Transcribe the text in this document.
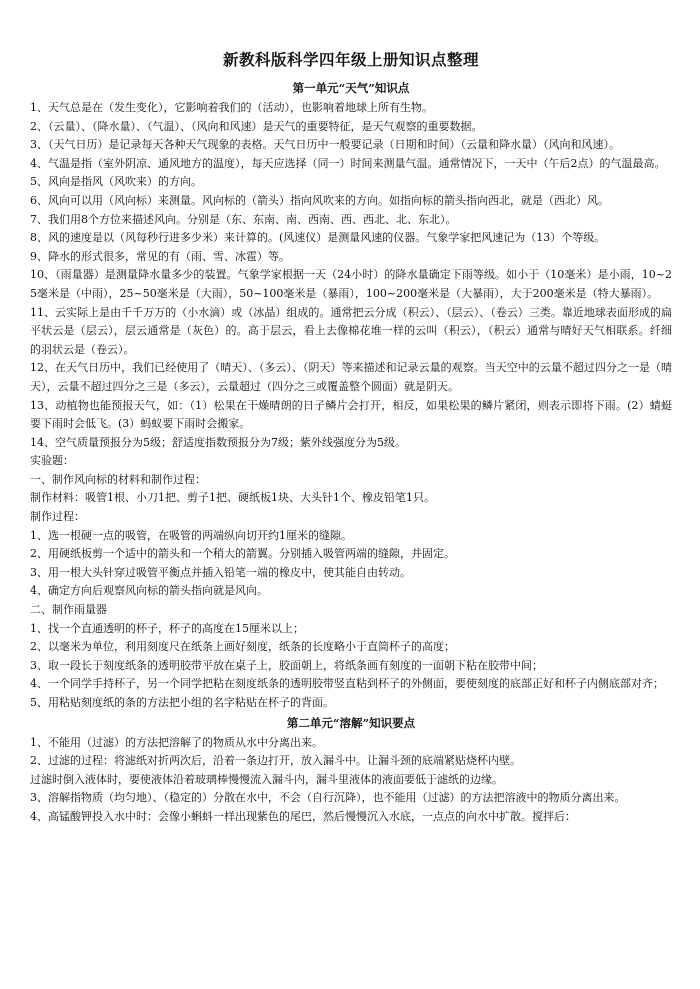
新教科版科学四年级上册知识点整理
第一单元“天气”知识点

1、天气总是在（发生变化），它影响着我们的（活动），也影响着地球上所有生物。

2、（云量）、（降水量）、（气温）、（风向和风速）是天气的重要特征，是天气观察的重要数据。

3、（天气日历）是记录每天各种天气现象的表格。天气日历中一般要记录（日期和时间）（云量和降水量）（风向和风速）。

4、气温是指（室外阴凉、通风地方的温度），每天应选择（同一）时间来测量气温。通常情况下，一天中（午后2点）的气温最高。

5、风向是指风（风吹来）的方向。

6、风向可以用（风向标）来测量。风向标的（箭头）指向风吹来的方向。如指向标的箭头指向西北，就是（西北）风。

7、我们用8个方位来描述风向。分别是（东、东南、南、西南、西、西北、北、东北）。

8、风的速度是以（风每秒行进多少米）来计算的。(风速仪）是测量风速的仪器。气象学家把风速记为（13）个等级。

9、降水的形式很多，常见的有（雨、雪、冰雹）等。

10、（雨量器）是测量降水量多少的装置。气象学家根据一天（24小时）的降水量确定下雨等级。如小于（10毫米）是小雨，10~25毫米是（中雨），25~50毫米是（大雨），50~100毫米是（暴雨），100~200毫米是（大暴雨），大于200毫米是（特大暴雨）。

11、云实际上是由千千万万的（小水滴）或（冰晶）组成的。通常把云分成（积云）、（层云）、（卷云）三类。靠近地球表面形成的扁平状云是（层云），层云通常是（灰色）的。高于层云，看上去像棉花堆一样的云叫（积云），（积云）通常与晴好天气相联系。纤细的羽状云是（卷云）。

12、在天气日历中，我们已经使用了（晴天）、（多云）、（阴天）等来描述和记录云量的观察。当天空中的云量不超过四分之一是（晴天），云量不超过四分之三是（多云），云量超过（四分之三或覆盖整个圆面）就是阴天。

13、动植物也能预报天气，如：（1）松果在干燥晴朗的日子鳞片会打开，相反，如果松果的鳞片紧闭，则表示即将下雨。(2）蜻蜓要下雨时会低飞。(3）蚂蚁要下雨时会搬家。

14、空气质量预报分为5级；舒适度指数预报分为7级；紫外线强度分为5级。

实验题：

一、制作风向标的材料和制作过程：

制作材料：吸管1根、小刀1把、剪子1把、硬纸板1块、大头针1个、橡皮铅笔1只。

制作过程：

1、选一根硬一点的吸管，在吸管的两端纵向切开约1厘米的缝隙。

2、用硬纸板剪一个适中的箭头和一个稍大的箭翼。分别插入吸管两端的缝隙，并固定。

3、用一根大头针穿过吸管平衡点并插入铅笔一端的橡皮中，使其能自由转动。

4、确定方向后观察风向标的箭头指向就是风向。

二、制作雨量器

1、找一个直通透明的杯子，杯子的高度在15厘米以上；

2、以毫米为单位，利用刻度尺在纸条上画好刻度，纸条的长度略小于直筒杯子的高度；

3、取一段长于刻度纸条的透明胶带平放在桌子上，胶面朝上，将纸条画有刻度的一面朝下粘在胶带中间；

4、一个同学手持杯子，另一个同学把粘在刻度纸条的透明胶带竖直粘到杯子的外侧面，要使刻度的底部正好和杯子内侧底部对齐；

5、用粘贴刻度纸的条的方法把小组的名字粘贴在杯子的背面。

第二单元“溶解”知识要点

1、不能用（过滤）的方法把溶解了的物质从水中分离出来。

2、过滤的过程：将滤纸对折两次后，沿着一条边打开，放入漏斗中。让漏斗颈的底端紧贴烧杯内壁。

过滤时倒入液体时，要使液体沿着玻璃棒慢慢流入漏斗内，漏斗里液体的液面要低于滤纸的边缘。

3、溶解指物质（均匀地）、（稳定的）分散在水中，不会（自行沉降），也不能用（过滤）的方法把溶液中的物质分离出来。

4、高锰酸钾投入水中时：会像小蝌蚪一样出现紫色的尾巴，然后慢慢沉入水底，一点点的向水中扩散。搅拌后：
